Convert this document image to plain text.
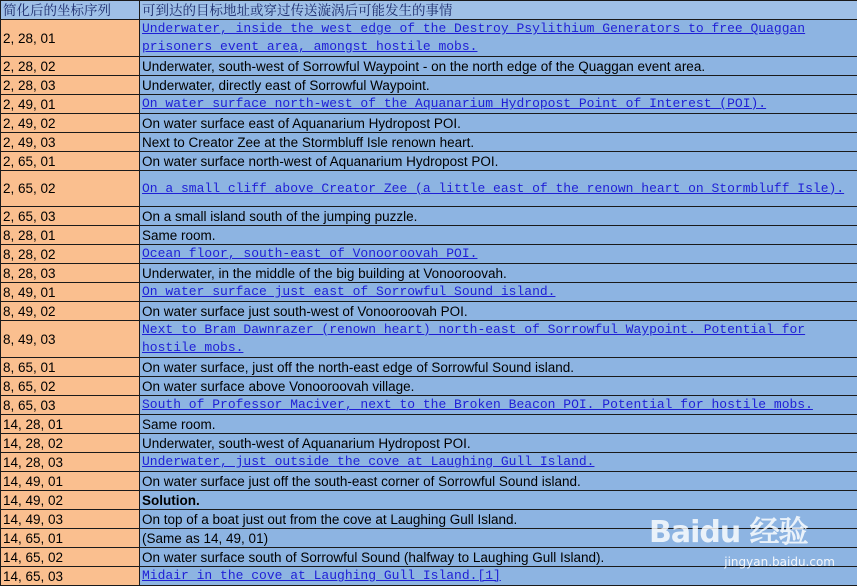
简化后的坐标序列	可到达的目标地址或穿过传送漩涡后可能发生的事情
2, 28, 01	Underwater, inside the west edge of the Destroy Psylithium Generators to free Quaggan prisoners event area, amongst hostile mobs.
2, 28, 02	Underwater, south-west of Sorrowful Waypoint - on the north edge of the Quaggan event area.
2, 28, 03	Underwater, directly east of Sorrowful Waypoint.
2, 49, 01	On water surface north-west of the Aquanarium Hydropost Point of Interest (POI).
2, 49, 02	On water surface east of Aquanarium Hydropost POI.
2, 49, 03	Next to Creator Zee at the Stormbluff Isle renown heart.
2, 65, 01	On water surface north-west of Aquanarium Hydropost POI.
2, 65, 02	On a small cliff above Creator Zee (a little east of the renown heart on Stormbluff Isle).
2, 65, 03	On a small island south of the jumping puzzle.
8, 28, 01	Same room.
8, 28, 02	Ocean floor, south-east of Vonooroovah POI.
8, 28, 03	Underwater, in the middle of the big building at Vonooroovah.
8, 49, 01	On water surface just east of Sorrowful Sound island.
8, 49, 02	On water surface just south-west of Vonooroovah POI.
8, 49, 03	Next to Bram Dawnrazer (renown heart) north-east of Sorrowful Waypoint. Potential for hostile mobs.
8, 65, 01	On water surface, just off the north-east edge of Sorrowful Sound island.
8, 65, 02	On water surface above Vonooroovah village.
8, 65, 03	South of Professor Maciver, next to the Broken Beacon POI. Potential for hostile mobs.
14, 28, 01	Same room.
14, 28, 02	Underwater, south-west of Aquanarium Hydropost POI.
14, 28, 03	Underwater, just outside the cove at Laughing Gull Island.
14, 49, 01	On water surface just off the south-east corner of Sorrowful Sound island.
14, 49, 02	Solution.
14, 49, 03	On top of a boat just out from the cove at Laughing Gull Island.
14, 65, 01	(Same as 14, 49, 01)
14, 65, 02	On water surface south of Sorrowful Sound (halfway to Laughing Gull Island).
14, 65, 03	Midair in the cove at Laughing Gull Island.[1]
Baidu 经验
jingyan.baidu.com
